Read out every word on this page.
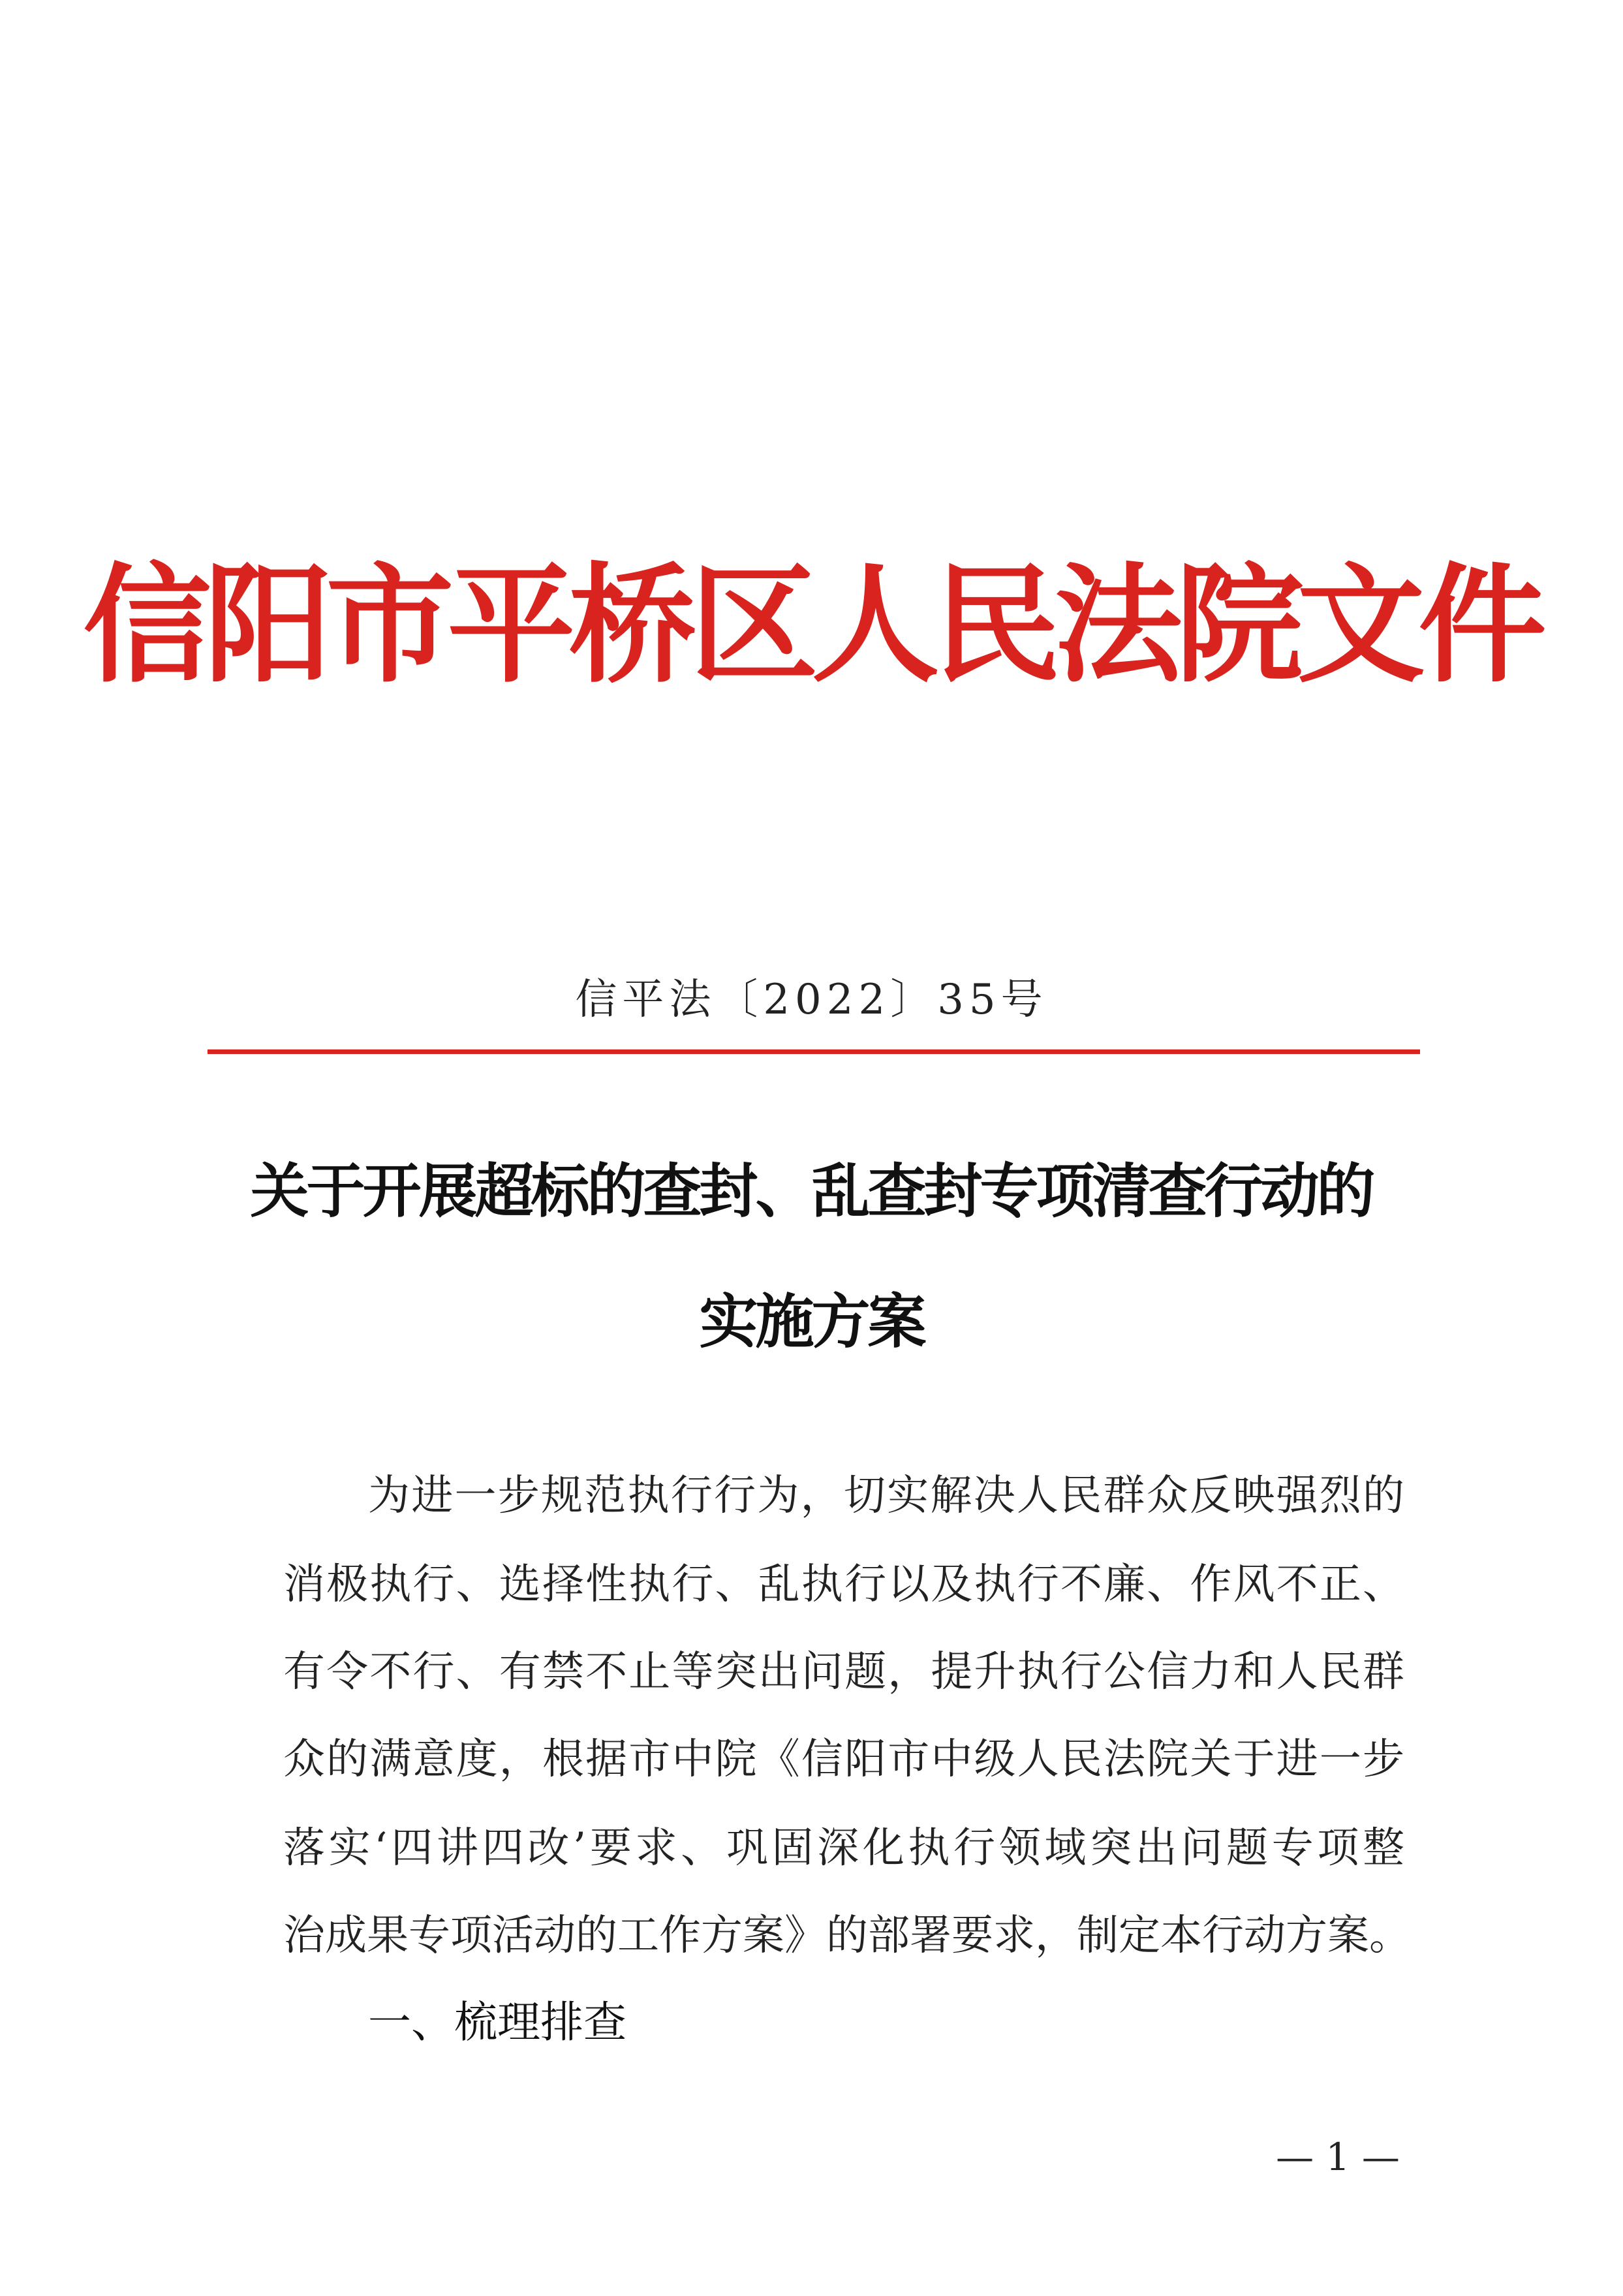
信阳市平桥区人民法院文件
信平法〔2022〕35号
关于开展超标的查封、乱查封专项清查行动的
实施方案
为进一步规范执行行为，切实解决人民群众反映强烈的
消极执行、选择性执行、乱执行以及执行不廉、作风不正、
有令不行、有禁不止等突出问题，提升执行公信力和人民群
众的满意度，根据市中院《信阳市中级人民法院关于进一步
落实‘四讲四改’要求、巩固深化执行领域突出问题专项整
治成果专项活动的工作方案》的部署要求，制定本行动方案。
一、梳理排查
— 1 —
